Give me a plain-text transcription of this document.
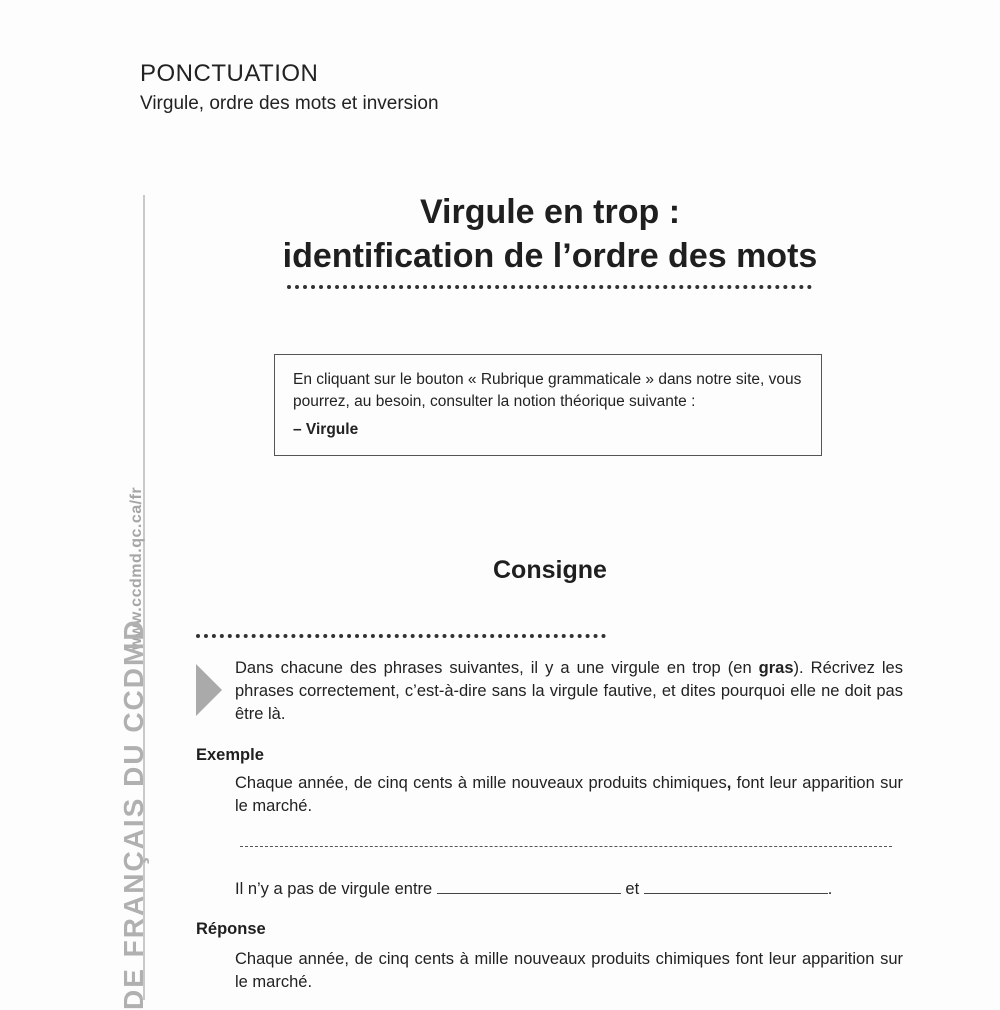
PONCTUATION
Virgule, ordre des mots et inversion
www.ccdmd.qc.ca/fr
DE FRANÇAIS DU CCDMD
Virgule en trop :
identification de l’ordre des mots
En cliquant sur le bouton « Rubrique grammaticale » dans notre site, vous pourrez, au besoin, consulter la notion théorique suivante :
– Virgule
Consigne
Dans chacune des phrases suivantes, il y a une virgule en trop (en gras). Récrivez les phrases correctement, c’est-à-dire sans la virgule fautive, et dites pourquoi elle ne doit pas être là.
Exemple
Chaque année, de cinq cents à mille nouveaux produits chimiques, font leur apparition sur le marché.
Il n’y a pas de virgule entre	et	.
Réponse
Chaque année, de cinq cents à mille nouveaux produits chimiques font leur apparition sur le marché.
